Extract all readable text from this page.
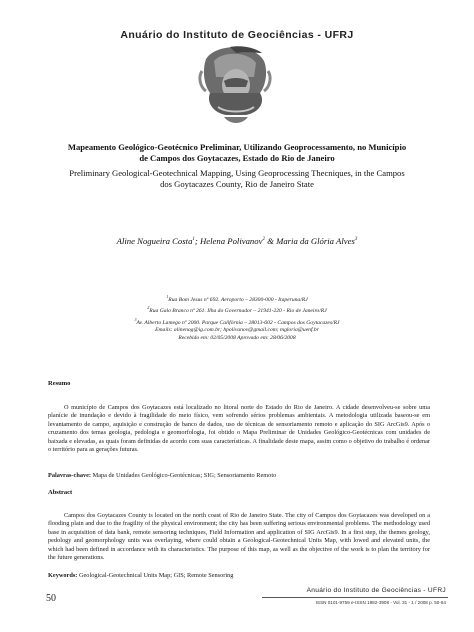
Anuário do Instituto de Geociências - UFRJ
Mapeamento Geológico-Geotécnico Preliminar, Utilizando Geoprocessamento, no Município
de Campos dos Goytacazes, Estado do Rio de Janeiro
Preliminary Geological-Geotechnical Mapping, Using Geoprocessing Thecniques, in the Campos
dos Goytacazes County, Rio de Janeiro State
Aline Nogueira Costa$^1$; Helena Polivanov$^2$ & Maria da Glória Alves$^3$
$^1$Rua Bom Jesus nº 692. Aeroporto – 28300-000 - Itaperuna/RJ
$^2$Rua Galo Branco nº 261. Ilha do Governador – 21941-220 - Rio de Janeiro/RJ
$^3$Av. Alberto Lamego nº 2000. Parque Califórnia – 28013-602 - Campos dos Goytacazes/RJ
Emails: alinenog@ig.com.br; hpolivanov@gmail.com; mgloria@uenf.br
Recebido em: 02/05/2008 Aprovado em: 28/06/2008
Resumo
O município de Campos dos Goytacazes está localizado no litoral norte do Estado do Rio de Janeiro. A cidade desenvolveu-se sobre uma planície de inundação e devido à fragilidade do meio físico, vem sofrendo sérios problemas ambientais. A metodologia utilizada baseou-se em levantamento de campo, aquisição e construção de banco de dados, uso de técnicas de sensoriamento remoto e aplicação do SIG ArcGis9. Após o cruzamento dos temas geologia, pedologia e geomorfologia, foi obtido o Mapa Preliminar de Unidades Geológico-Geotécnicas com unidades de baixada e elevadas, as quais foram definidas de acordo com suas características. A finalidade deste mapa, assim como o objetivo do trabalho é ordenar o território para as gerações futuras.
Palavras-chave: Mapa de Unidades Geológico-Geotécnicas; SIG; Sensoriamento Remoto
Abstract
Campos dos Goytacazes County is located on the north coast of Rio de Janeiro State. The city of Campos dos Goytacazes was developed on a flooding plain and due to the fragility of the physical environment; the city has been suffering serious environmental problems. The methodology used base in acquisition of data bank, remote sensoring techniques, Field Information and application of SIG ArcGis9. In a first step, the themes geology, pedology and geomorphology units was overlaying, where could obtain a Geological-Geotechnical Units Map, with lowed and elevated units, the which had been defined in accordance with its characteristics. The purpose of this map, as well as the objective of the work is to plan the territory for the future generations.
Keywords: Geological-Geotechnical Units Map; GIS; Remote Sensoring
50
Anuário do Instituto de Geociências - UFRJ
ISSN 0101-9759 e-ISSN 1982-3908 - Vol. 31 - 1 / 2008 p. 50-64
